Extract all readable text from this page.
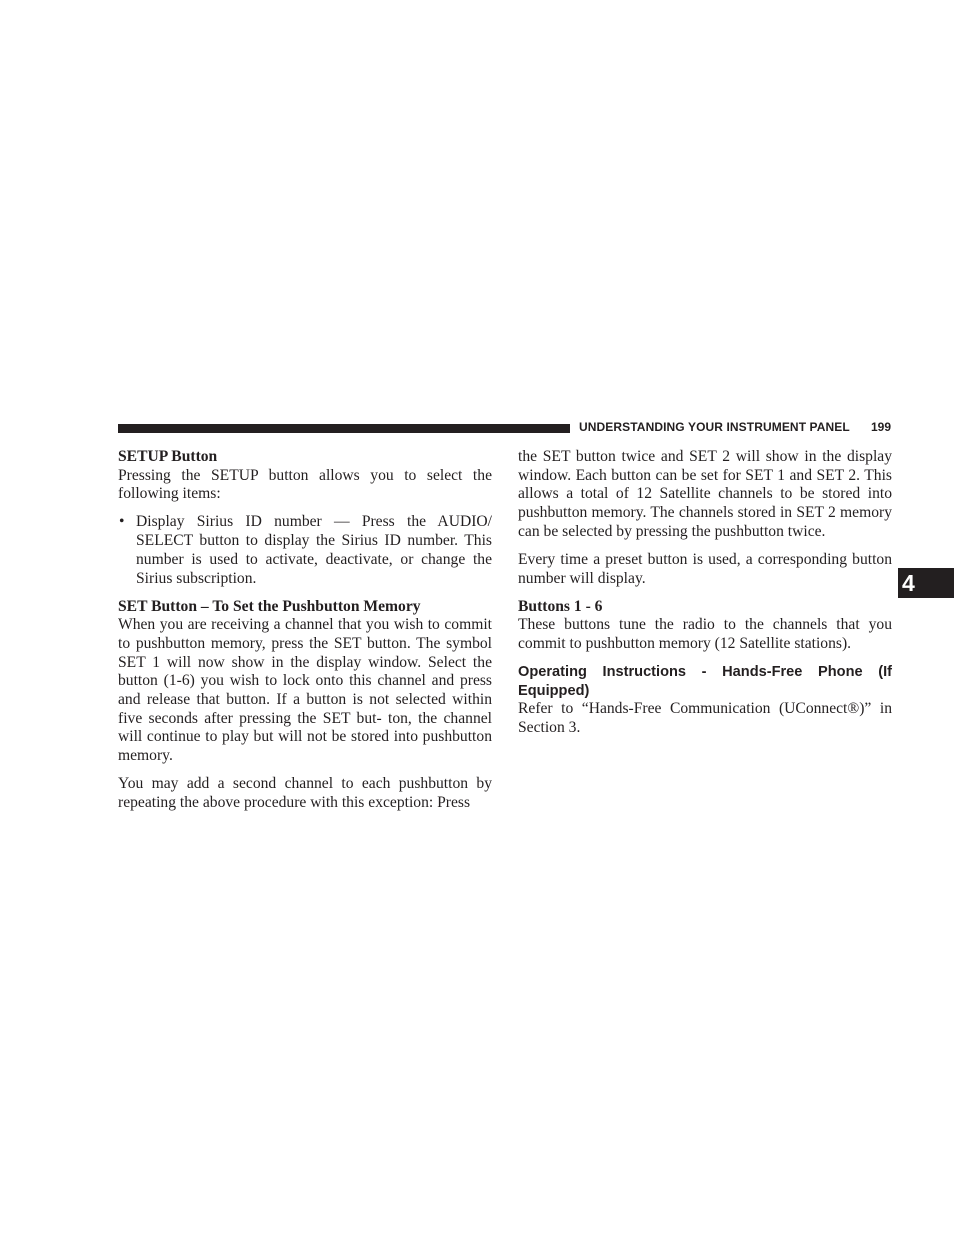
UNDERSTANDING YOUR INSTRUMENT PANEL 199
4

SETUP Button

Pressing the SETUP button allows you to select the following items:

• Display Sirius ID number — Press the AUDIO/ SELECT button to display the Sirius ID number. This number is used to activate, deactivate, or change the Sirius subscription.

SET Button – To Set the Pushbutton Memory

When you are receiving a channel that you wish to commit to pushbutton memory, press the SET button. The symbol SET 1 will now show in the display window. Select the button (1-6) you wish to lock onto this channel and press and release that button. If a button is not selected within five seconds after pressing the SET but- ton, the channel will continue to play but will not be stored into pushbutton memory.

You may add a second channel to each pushbutton by repeating the above procedure with this exception: Press

the SET button twice and SET 2 will show in the display window. Each button can be set for SET 1 and SET 2. This allows a total of 12 Satellite channels to be stored into pushbutton memory. The channels stored in SET 2 memory can be selected by pressing the pushbutton twice.

Every time a preset button is used, a corresponding button number will display.

Buttons 1 - 6

These buttons tune the radio to the channels that you commit to pushbutton memory (12 Satellite stations).

Operating Instructions - Hands-Free Phone (If Equipped)

Refer to “Hands-Free Communication (UConnect®)” in Section 3.
